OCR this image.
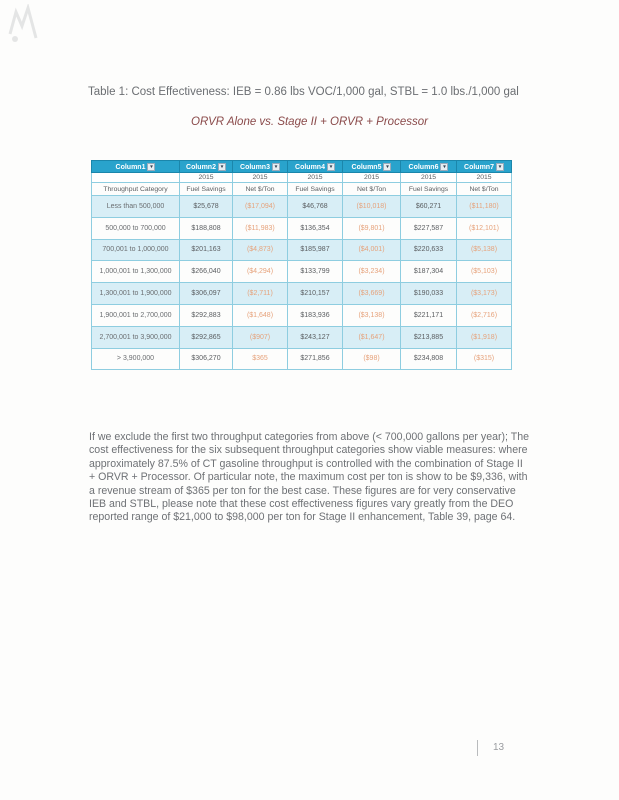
Table 1: Cost Effectiveness: IEB = 0.86 lbs VOC/1,000 gal, STBL = 1.0 lbs./1,000 gal
ORVR Alone vs. Stage II + ORVR + Processor
Column1 ▾	Column2 ▾	Column3 ▾	Column4 ▾	Column5 ▾	Column6 ▾	Column7 ▾
	2015	2015	2015	2015	2015	2015
Throughput Category	Fuel Savings	Net $/Ton	Fuel Savings	Net $/Ton	Fuel Savings	Net $/Ton
Less than 500,000	$25,678	($17,094)	$46,768	($10,018)	$60,271	($11,180)
500,000 to 700,000	$188,808	($11,983)	$136,354	($9,801)	$227,587	($12,101)
700,001 to 1,000,000	$201,163	($4,873)	$185,987	($4,001)	$220,633	($5,138)
1,000,001 to 1,300,000	$266,040	($4,294)	$133,799	($3,234)	$187,304	($5,103)
1,300,001 to 1,900,000	$306,097	($2,711)	$210,157	($3,669)	$190,033	($3,173)
1,900,001 to 2,700,000	$292,883	($1,648)	$183,936	($3,138)	$221,171	($2,716)
2,700,001 to 3,900,000	$292,865	($907)	$243,127	($1,647)	$213,885	($1,918)
> 3,900,000	$306,270	$365	$271,856	($98)	$234,808	($315)

If we exclude the first two throughput categories from above (< 700,000 gallons per year); The cost effectiveness for the six subsequent throughput categories show viable measures: where approximately 87.5% of CT gasoline throughput is controlled with the combination of Stage II + ORVR + Processor. Of particular note, the maximum cost per ton is show to be $9,336, with a revenue stream of $365 per ton for the best case. These figures are for very conservative IEB and STBL, please note that these cost effectiveness figures vary greatly from the DEO reported range of $21,000 to $98,000 per ton for Stage II enhancement, Table 39, page 64.

13
